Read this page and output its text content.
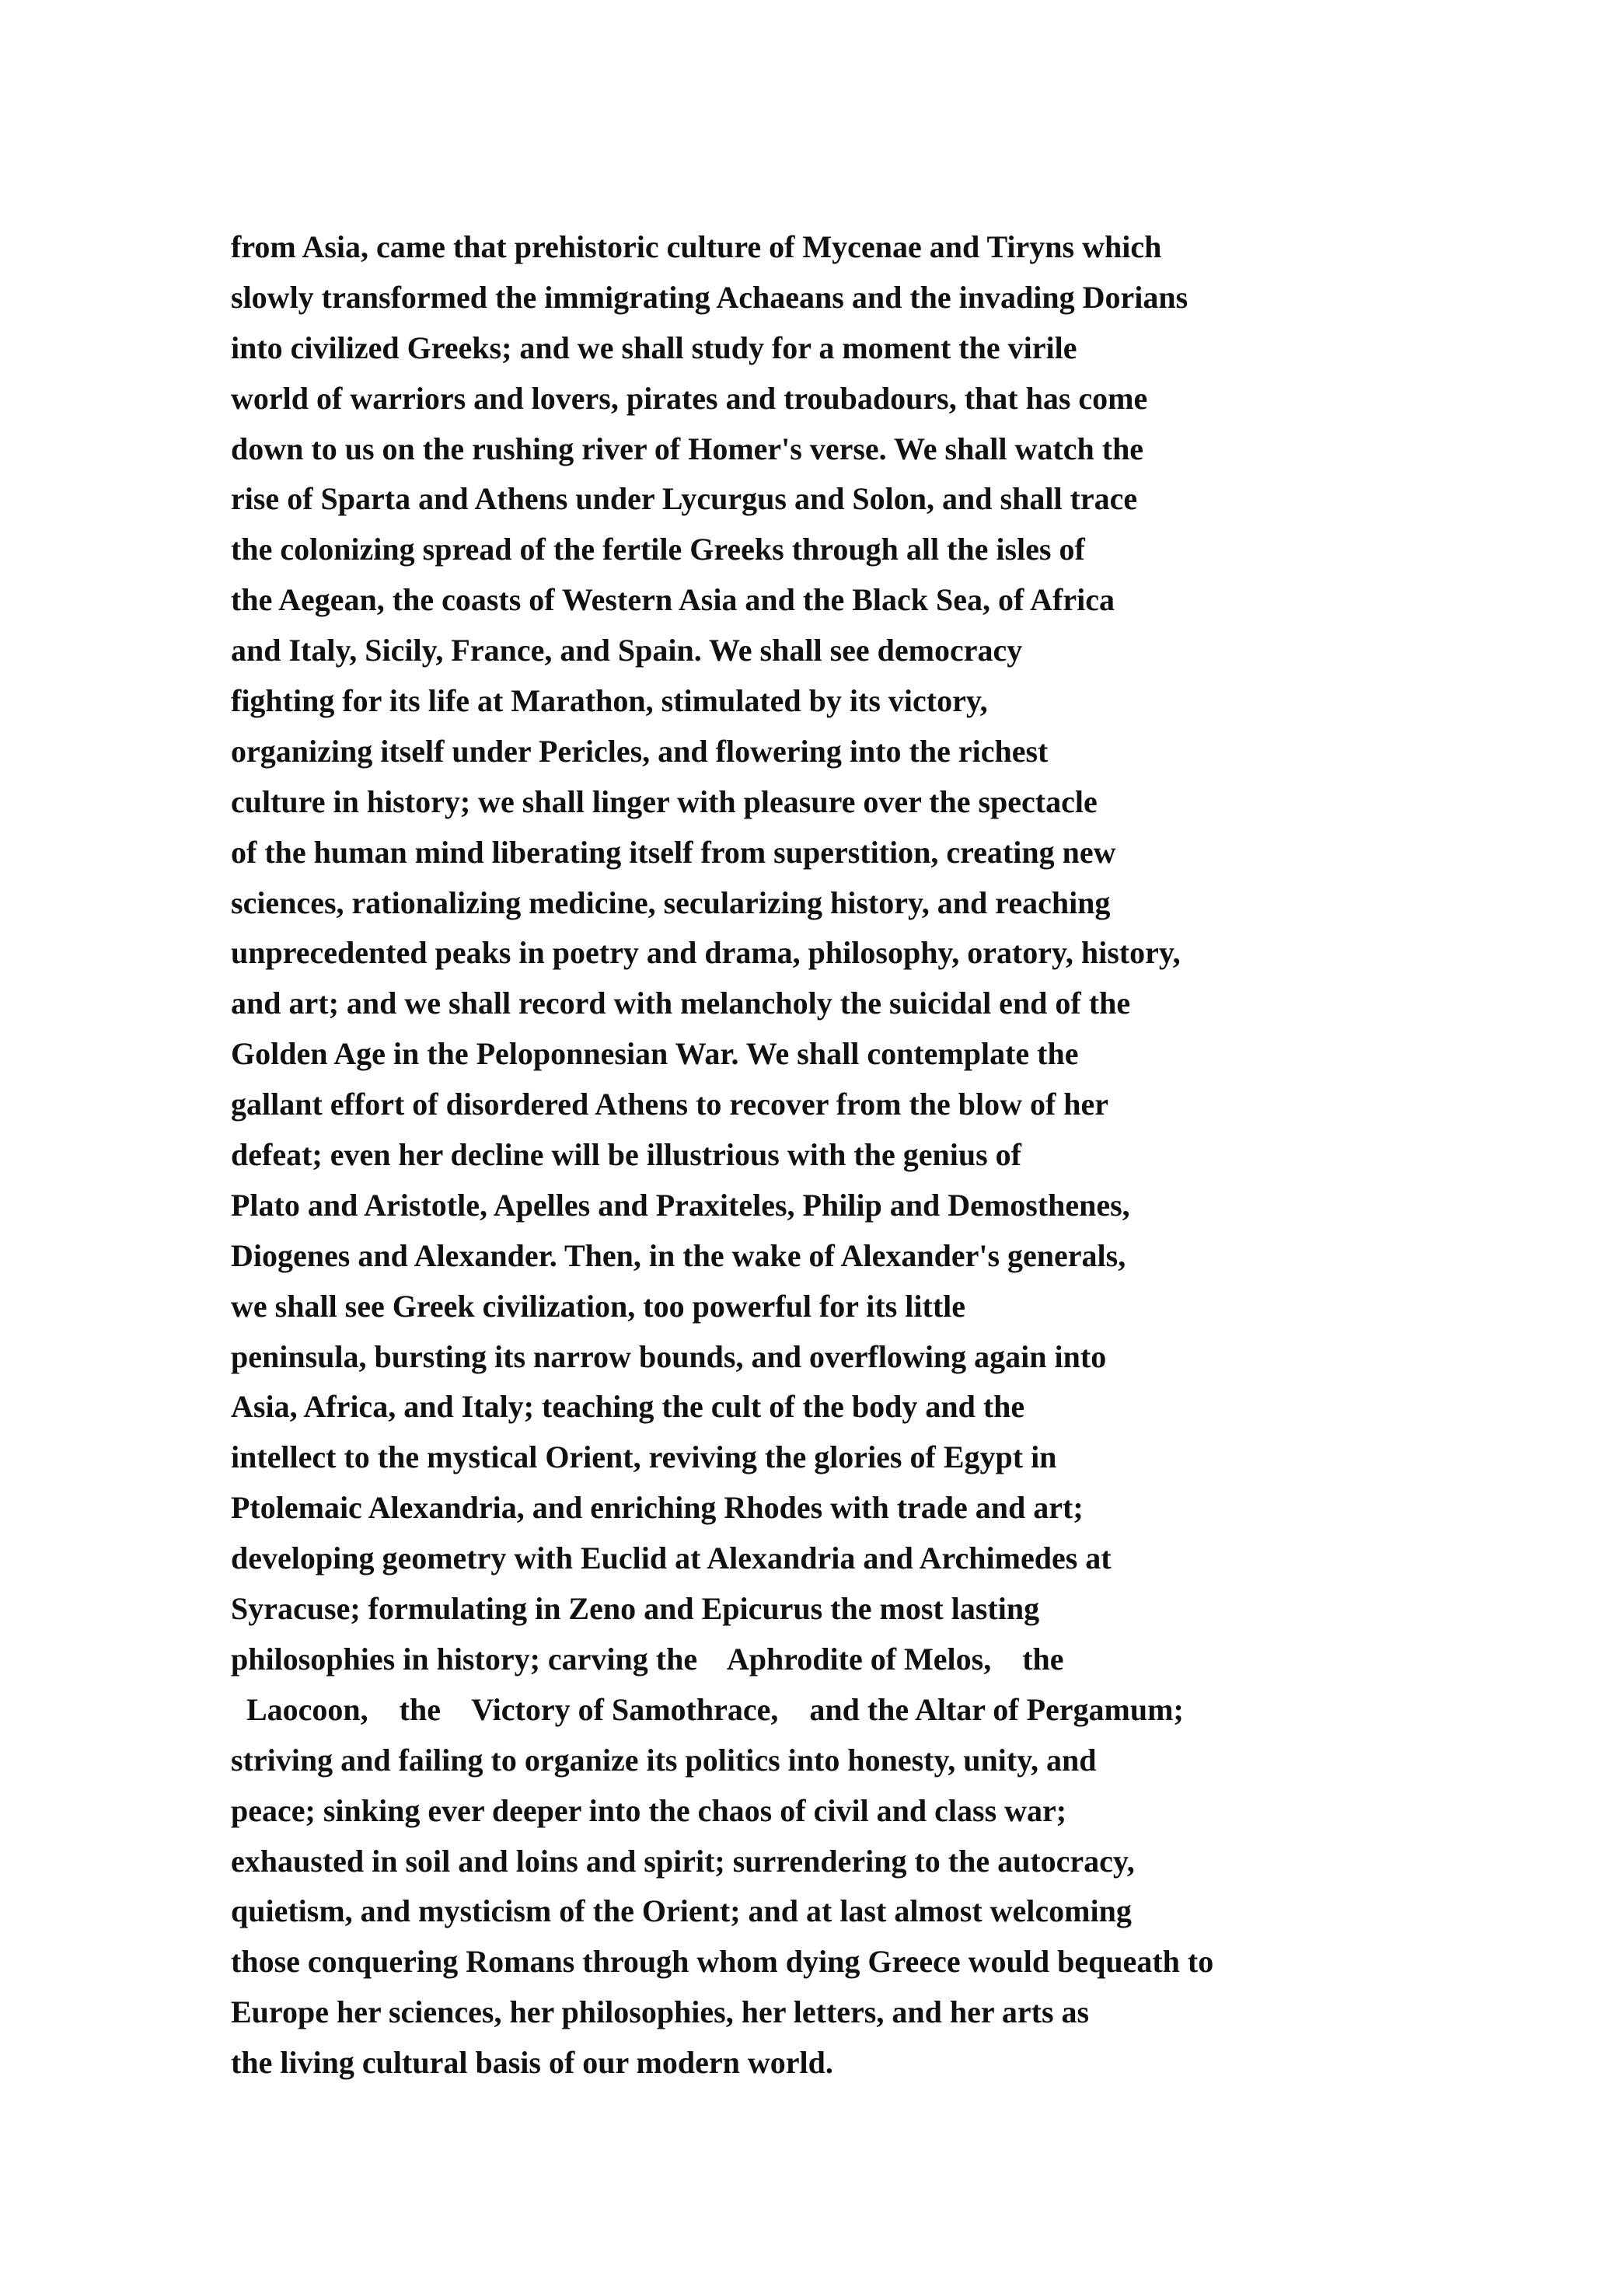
from Asia, came that prehistoric culture of Mycenae and Tiryns which
slowly transformed the immigrating Achaeans and the invading Dorians
into civilized Greeks; and we shall study for a moment the virile
world of warriors and lovers, pirates and troubadours, that has come
down to us on the rushing river of Homer's verse. We shall watch the
rise of Sparta and Athens under Lycurgus and Solon, and shall trace
the colonizing spread of the fertile Greeks through all the isles of
the Aegean, the coasts of Western Asia and the Black Sea, of Africa
and Italy, Sicily, France, and Spain. We shall see democracy
fighting for its life at Marathon, stimulated by its victory,
organizing itself under Pericles, and flowering into the richest
culture in history; we shall linger with pleasure over the spectacle
of the human mind liberating itself from superstition, creating new
sciences, rationalizing medicine, secularizing history, and reaching
unprecedented peaks in poetry and drama, philosophy, oratory, history,
and art; and we shall record with melancholy the suicidal end of the
Golden Age in the Peloponnesian War. We shall contemplate the
gallant effort of disordered Athens to recover from the blow of her
defeat; even her decline will be illustrious with the genius of
Plato and Aristotle, Apelles and Praxiteles, Philip and Demosthenes,
Diogenes and Alexander. Then, in the wake of Alexander's generals,
we shall see Greek civilization, too powerful for its little
peninsula, bursting its narrow bounds, and overflowing again into
Asia, Africa, and Italy; teaching the cult of the body and the
intellect to the mystical Orient, reviving the glories of Egypt in
Ptolemaic Alexandria, and enriching Rhodes with trade and art;
developing geometry with Euclid at Alexandria and Archimedes at
Syracuse; formulating in Zeno and Epicurus the most lasting
philosophies in history; carving the    Aphrodite of Melos,    the
Laocoon,    the    Victory of Samothrace,    and the Altar of Pergamum;
striving and failing to organize its politics into honesty, unity, and
peace; sinking ever deeper into the chaos of civil and class war;
exhausted in soil and loins and spirit; surrendering to the autocracy,
quietism, and mysticism of the Orient; and at last almost welcoming
those conquering Romans through whom dying Greece would bequeath to
Europe her sciences, her philosophies, her letters, and her arts as
the living cultural basis of our modern world.
